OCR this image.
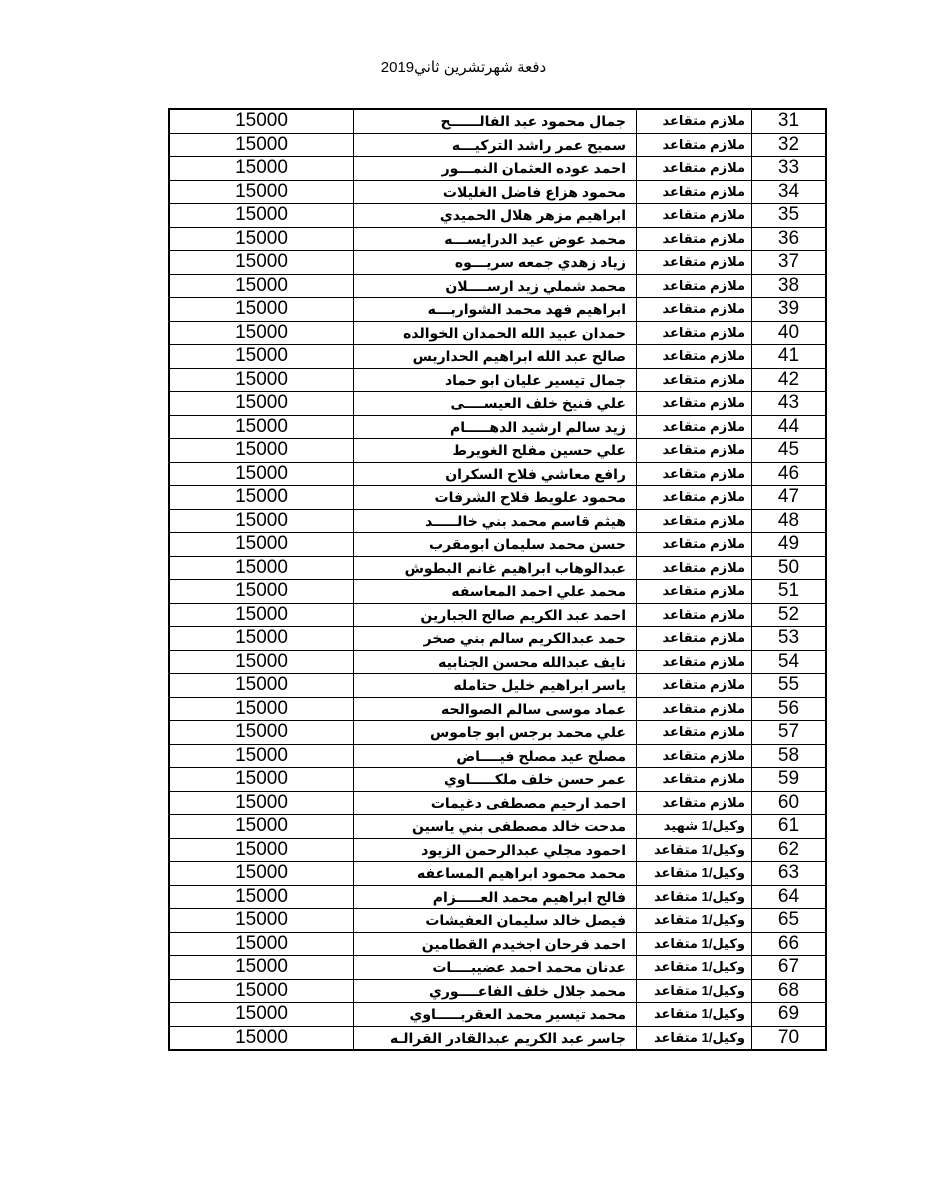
دفعة شهرتشرين ثاني2019
15000	جمال محمود عبد الفالــــــح	ملازم متقاعد	31
15000	سميح عمر راشد التركيـــه	ملازم متقاعد	32
15000	احمد عوده العثمان النمـــور	ملازم متقاعد	33
15000	محمود هزاع فاضل الغليلات	ملازم متقاعد	34
15000	ابراهيم مزهر هلال الحميدي	ملازم متقاعد	35
15000	محمد عوض عيد الدرايســـه	ملازم متقاعد	36
15000	زياد زهدي جمعه سريـــوه	ملازم متقاعد	37
15000	محمد شملي زيد ارســــلان	ملازم متقاعد	38
15000	ابراهيم فهد محمد الشواربـــه	ملازم متقاعد	39
15000	حمدان عبيد الله الحمدان الخوالده	ملازم متقاعد	40
15000	صالح عبد الله ابراهيم الحداريس	ملازم متقاعد	41
15000	جمال تيسير عليان ابو حماد	ملازم متقاعد	42
15000	علي فنيخ خلف العيســــى	ملازم متقاعد	43
15000	زيد سالم ارشيد الدهـــــام	ملازم متقاعد	44
15000	علي حسين مفلح الغويرط	ملازم متقاعد	45
15000	رافع معاشي فلاح السكران	ملازم متقاعد	46
15000	محمود علويط فلاح الشرفات	ملازم متقاعد	47
15000	هيثم قاسم محمد بني خالـــــد	ملازم متقاعد	48
15000	حسن محمد سليمان ابومقرب	ملازم متقاعد	49
15000	عبدالوهاب ابراهيم غانم البطوش	ملازم متقاعد	50
15000	محمد علي احمد المعاسفه	ملازم متقاعد	51
15000	احمد عبد الكريم صالح الجبارين	ملازم متقاعد	52
15000	حمد عبدالكريم سالم بني صخر	ملازم متقاعد	53
15000	نايف عبدالله محسن الجنابيه	ملازم متقاعد	54
15000	ياسر ابراهيم خليل حتامله	ملازم متقاعد	55
15000	عماد موسى سالم الصوالحه	ملازم متقاعد	56
15000	علي محمد برجس ابو جاموس	ملازم متقاعد	57
15000	مصلح عيد مصلح فيــــاض	ملازم متقاعد	58
15000	عمر حسن خلف ملكـــــاوي	ملازم متقاعد	59
15000	احمد ارحيم مصطفى دغيمات	ملازم متقاعد	60
15000	مدحت خالد مصطفى بني ياسين	وكيل/1 شهيد	61
15000	احمود مجلي عبدالرحمن الزيود	وكيل/1 متقاعد	62
15000	محمد محمود ابراهيم المساعفه	وكيل/1 متقاعد	63
15000	فالح ابراهيم محمد العـــــزام	وكيل/1 متقاعد	64
15000	فيصل خالد سليمان العفيشات	وكيل/1 متقاعد	65
15000	احمد فرحان اجخيدم القطامين	وكيل/1 متقاعد	66
15000	عدنان محمد احمد عضيبــــات	وكيل/1 متقاعد	67
15000	محمد جلال خلف الفاعــــوري	وكيل/1 متقاعد	68
15000	محمد تيسير محمد العقربـــــاوي	وكيل/1 متقاعد	69
15000	جاسر عبد الكريم عبدالقادر القرالـه	وكيل/1 متقاعد	70
